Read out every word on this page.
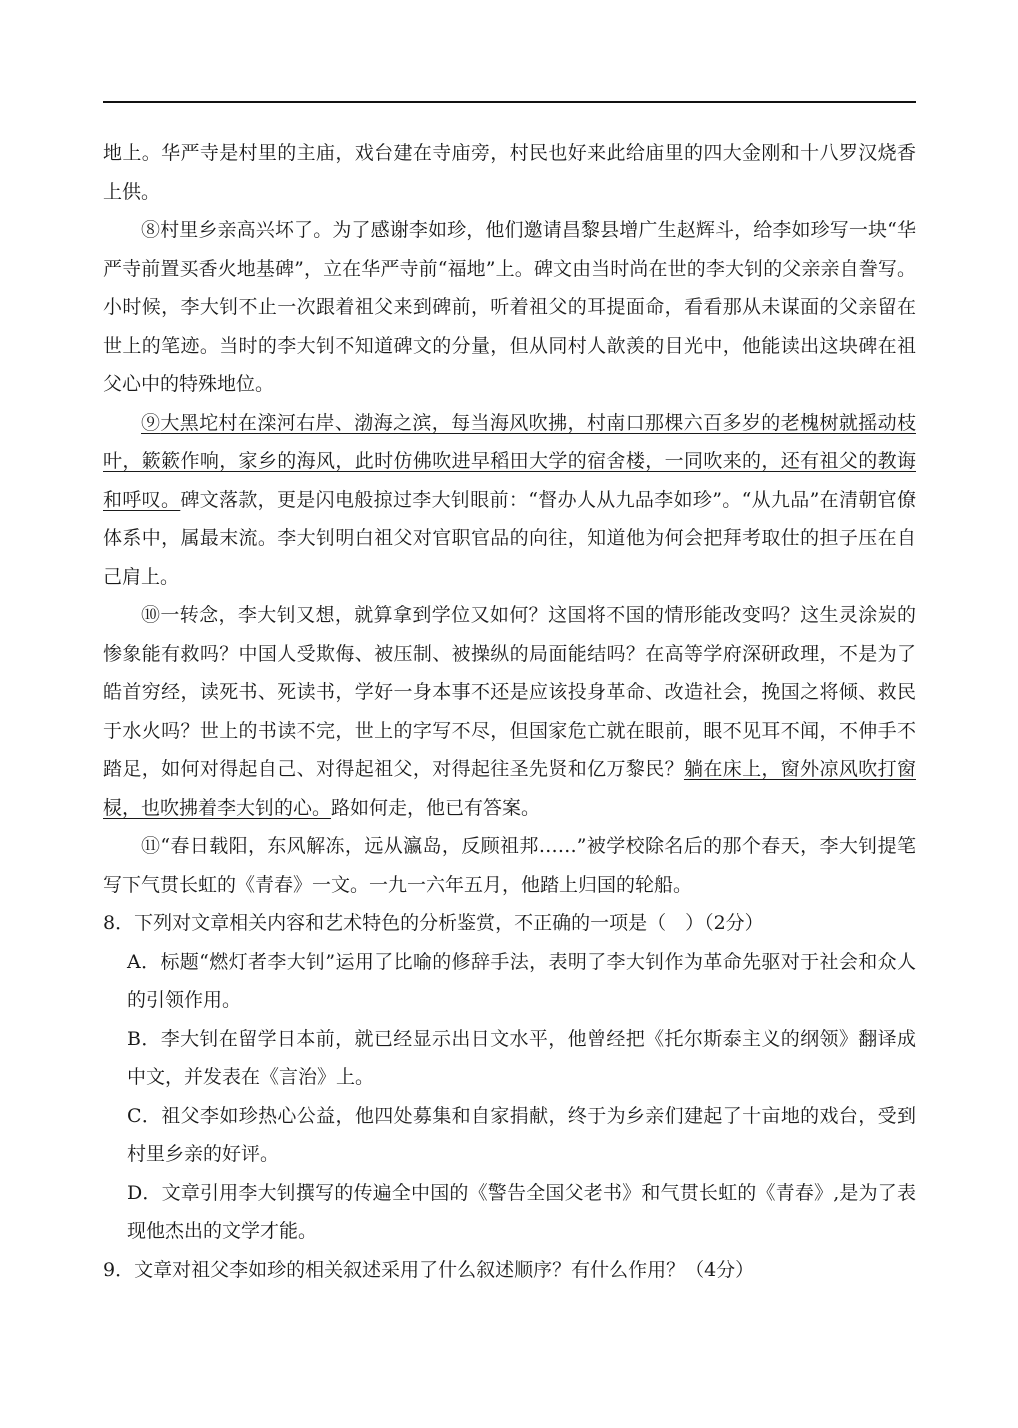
地上。华严寺是村里的主庙，戏台建在寺庙旁，村民也好来此给庙里的四大金刚和十八罗汉烧香上供。

⑧村里乡亲高兴坏了。为了感谢李如珍，他们邀请昌黎县增广生赵辉斗，给李如珍写一块“华严寺前置买香火地基碑”，立在华严寺前“福地”上。碑文由当时尚在世的李大钊的父亲亲自誊写。小时候，李大钊不止一次跟着祖父来到碑前，听着祖父的耳提面命，看看那从未谋面的父亲留在世上的笔迹。当时的李大钊不知道碑文的分量，但从同村人歆羡的目光中，他能读出这块碑在祖父心中的特殊地位。

⑨大黑坨村在滦河右岸、渤海之滨，每当海风吹拂，村南口那棵六百多岁的老槐树就摇动枝叶，簌簌作响，家乡的海风，此时仿佛吹进早稻田大学的宿舍楼，一同吹来的，还有祖父的教诲和呼叹。碑文落款，更是闪电般掠过李大钊眼前：“督办人从九品李如珍”。“从九品”在清朝官僚体系中，属最末流。李大钊明白祖父对官职官品的向往，知道他为何会把拜考取仕的担子压在自己肩上。

⑩一转念，李大钊又想，就算拿到学位又如何？这国将不国的情形能改变吗？这生灵涂炭的惨象能有救吗？中国人受欺侮、被压制、被操纵的局面能结吗？在高等学府深研政理，不是为了皓首穷经，读死书、死读书，学好一身本事不还是应该投身革命、改造社会，挽国之将倾、救民于水火吗？世上的书读不完，世上的字写不尽，但国家危亡就在眼前，眼不见耳不闻，不伸手不踏足，如何对得起自己、对得起祖父，对得起往圣先贤和亿万黎民？躺在床上，窗外凉风吹打窗棂，也吹拂着李大钊的心。路如何走，他已有答案。

⑪“春日载阳，东风解冻，远从瀛岛，反顾祖邦……”被学校除名后的那个春天，李大钊提笔写下气贯长虹的《青春》一文。一九一六年五月，他踏上归国的轮船。

8．下列对文章相关内容和艺术特色的分析鉴赏，不正确的一项是（　）（2分）

A．标题“燃灯者李大钊”运用了比喻的修辞手法，表明了李大钊作为革命先驱对于社会和众人的引领作用。

B．李大钊在留学日本前，就已经显示出日文水平，他曾经把《托尔斯泰主义的纲领》翻译成中文，并发表在《言治》上。

C．祖父李如珍热心公益，他四处募集和自家捐献，终于为乡亲们建起了十亩地的戏台，受到村里乡亲的好评。

D．文章引用李大钊撰写的传遍全中国的《警告全国父老书》和气贯长虹的《青春》,是为了表现他杰出的文学才能。

9．文章对祖父李如珍的相关叙述采用了什么叙述顺序？有什么作用？（4分）
